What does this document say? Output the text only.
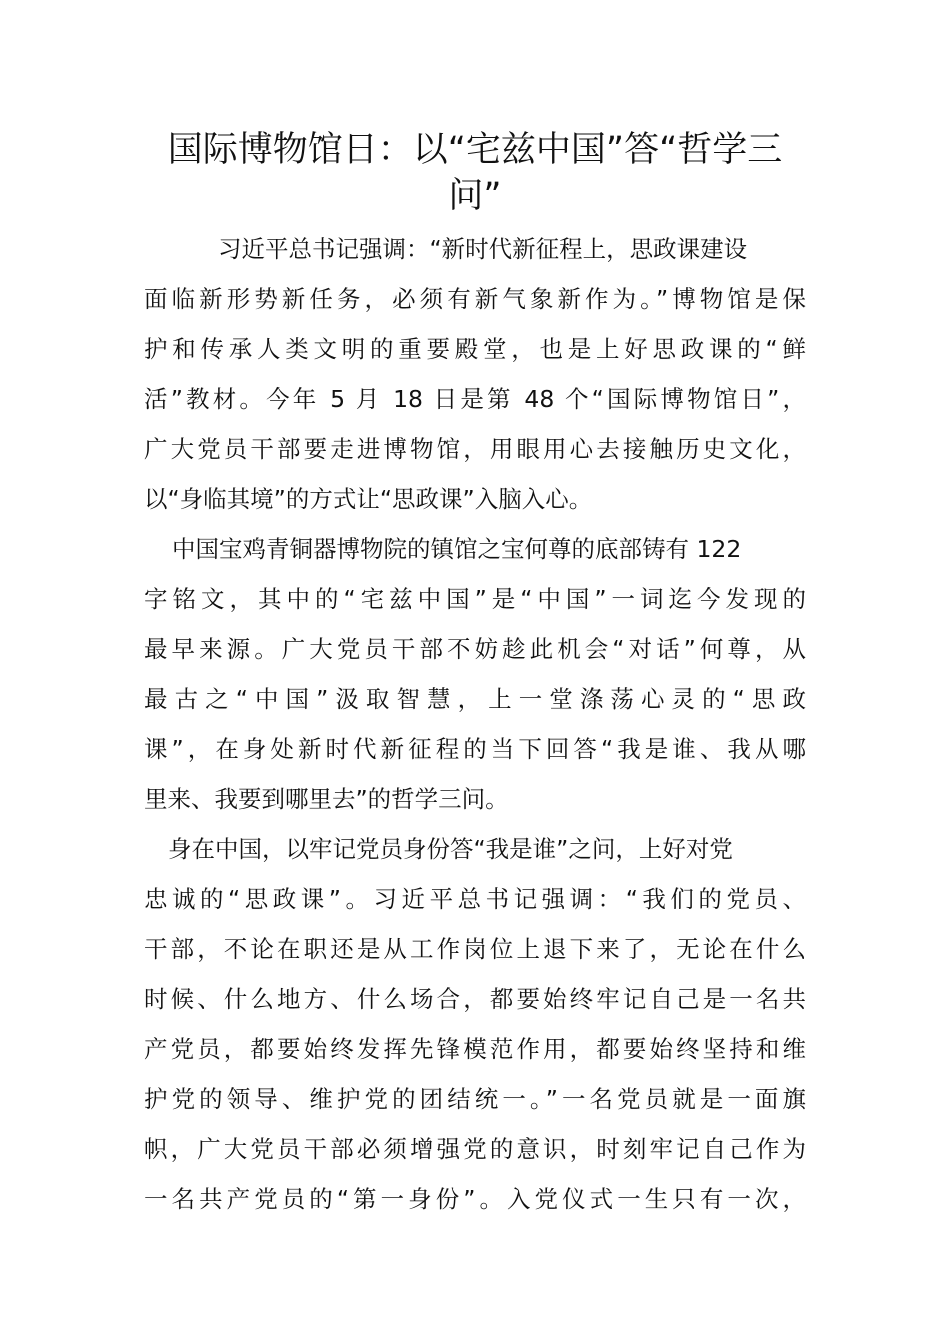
国际博物馆日：以“宅兹中国”答“哲学三问”
习近平总书记强调：“新时代新征程上，思政课建设
面临新形势新任务，必须有新气象新作为。”博物馆是保
护和传承人类文明的重要殿堂，也是上好思政课的“鲜
活”教材。今年 5 月 18 日是第 48 个“国际博物馆日”，
广大党员干部要走进博物馆，用眼用心去接触历史文化，
以“身临其境”的方式让“思政课”入脑入心。
中国宝鸡青铜器博物院的镇馆之宝何尊的底部铸有 122
字铭文，其中的“宅兹中国”是“中国”一词迄今发现的
最早来源。广大党员干部不妨趁此机会“对话”何尊，从
最古之“中国”汲取智慧，上一堂涤荡心灵的“思政
课”，在身处新时代新征程的当下回答“我是谁、我从哪
里来、我要到哪里去”的哲学三问。
身在中国，以牢记党员身份答“我是谁”之问，上好对党
忠诚的“思政课”。习近平总书记强调：“我们的党员、
干部，不论在职还是从工作岗位上退下来了，无论在什么
时候、什么地方、什么场合，都要始终牢记自己是一名共
产党员，都要始终发挥先锋模范作用，都要始终坚持和维
护党的领导、维护党的团结统一。”一名党员就是一面旗
帜，广大党员干部必须增强党的意识，时刻牢记自己作为
一名共产党员的“第一身份”。入党仪式一生只有一次，
